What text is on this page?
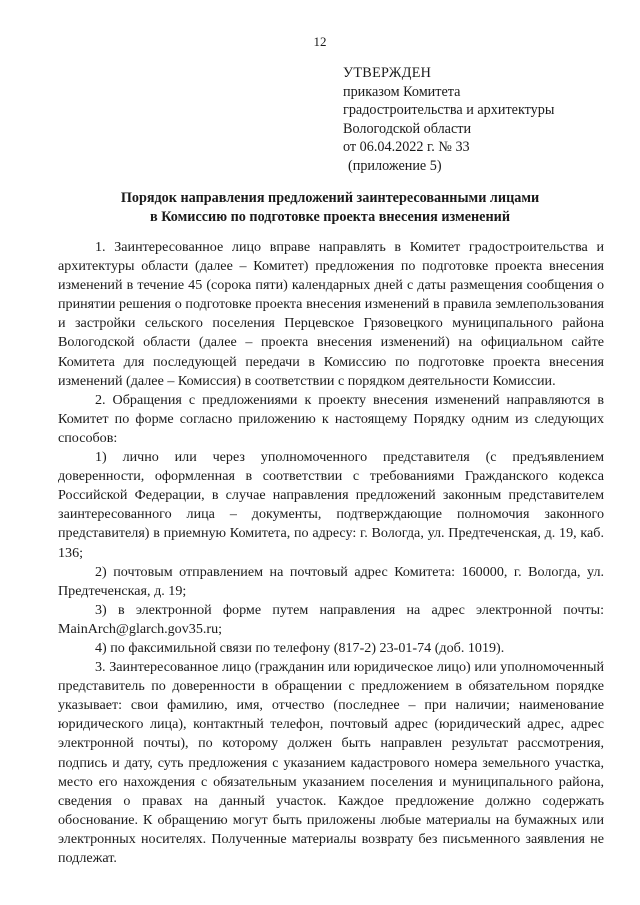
12
УТВЕРЖДЕН
приказом Комитета
градостроительства и архитектуры
Вологодской области
от 06.04.2022 г. № 33
(приложение 5)
Порядок направления предложений заинтересованными лицами
в Комиссию по подготовке проекта внесения изменений

1. Заинтересованное лицо вправе направлять в Комитет градостроительства и архитектуры области (далее – Комитет) предложения по подготовке проекта внесения изменений в течение 45 (сорока пяти) календарных дней с даты размещения сообщения о принятии решения о подготовке проекта внесения изменений в правила землепользования и застройки сельского поселения Перцевское Грязовецкого муниципального района Вологодской области (далее – проекта внесения изменений) на официальном сайте Комитета для последующей передачи в Комиссию по подготовке проекта внесения изменений (далее – Комиссия) в соответствии с порядком деятельности Комиссии.

2. Обращения с предложениями к проекту внесения изменений направляются в Комитет по форме согласно приложению к настоящему Порядку одним из следующих способов:

1) лично или через уполномоченного представителя (с предъявлением доверенности, оформленная в соответствии с требованиями Гражданского кодекса Российской Федерации, в случае направления предложений законным представителем заинтересованного лица – документы, подтверждающие полномочия законного представителя) в приемную Комитета, по адресу: г. Вологда, ул. Предтеченская, д. 19, каб. 136;

2) почтовым отправлением на почтовый адрес Комитета: 160000, г. Вологда, ул. Предтеченская, д. 19;

3) в электронной форме путем направления на адрес электронной почты: MainArch@glarch.gov35.ru;

4) по факсимильной связи по телефону (817-2) 23-01-74 (доб. 1019).

3. Заинтересованное лицо (гражданин или юридическое лицо) или уполномоченный представитель по доверенности в обращении с предложением в обязательном порядке указывает: свои фамилию, имя, отчество (последнее – при наличии; наименование юридического лица), контактный телефон, почтовый адрес (юридический адрес, адрес электронной почты), по которому должен быть направлен результат рассмотрения, подпись и дату, суть предложения с указанием кадастрового номера земельного участка, место его нахождения с обязательным указанием поселения и муниципального района, сведения о правах на данный участок. Каждое предложение должно содержать обоснование. К обращению могут быть приложены любые материалы на бумажных или электронных носителях. Полученные материалы возврату без письменного заявления не подлежат.
